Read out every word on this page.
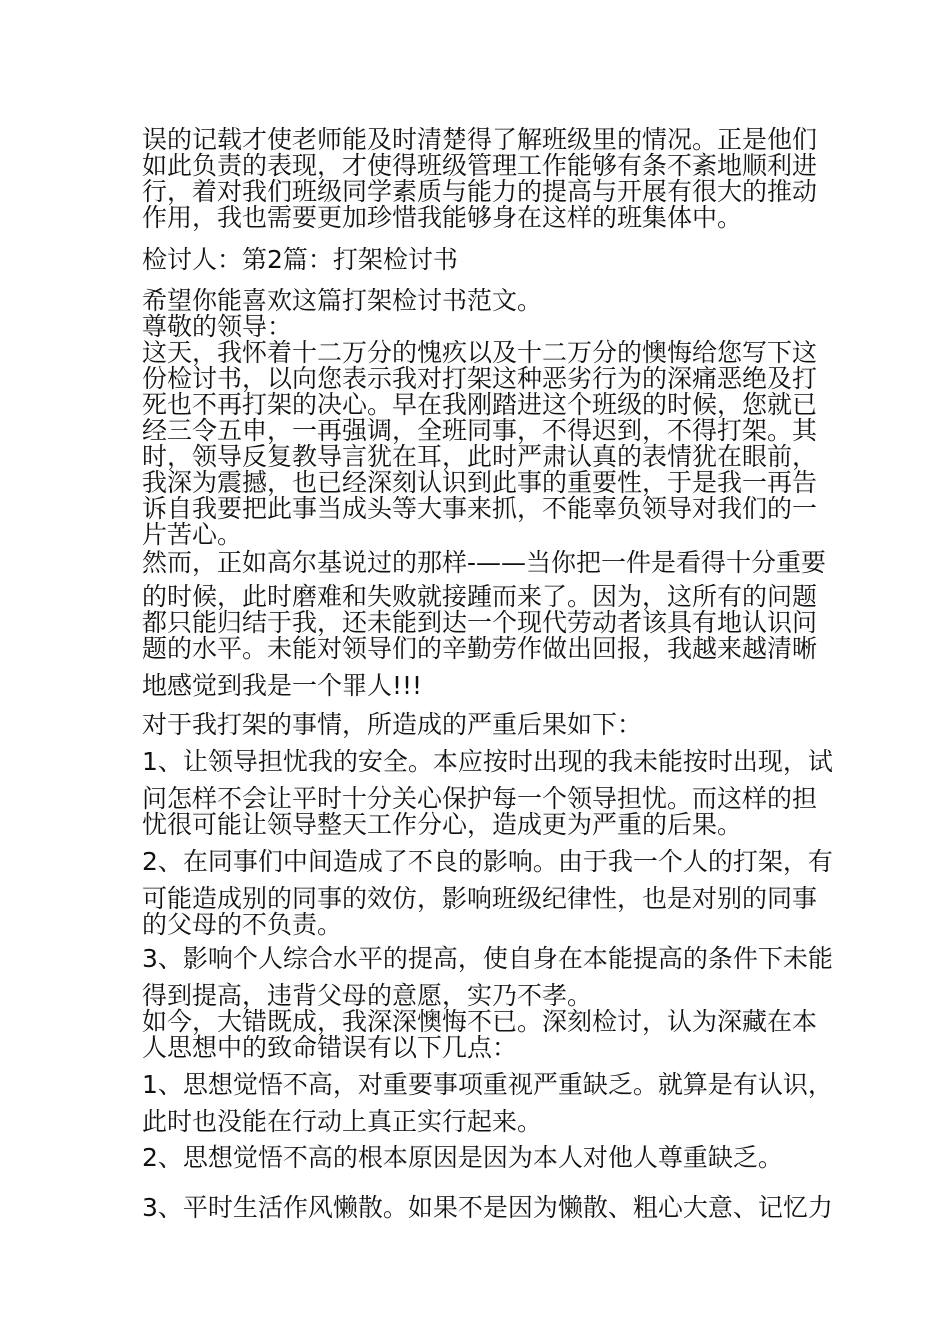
误的记载才使老师能及时清楚得了解班级里的情况。正是他们
如此负责的表现，才使得班级管理工作能够有条不紊地顺利进
行，着对我们班级同学素质与能力的提高与开展有很大的推动
作用，我也需要更加珍惜我能够身在这样的班集体中。
检讨人：第2篇：打架检讨书
希望你能喜欢这篇打架检讨书范文。
尊敬的领导：
这天，我怀着十二万分的愧疚以及十二万分的懊悔给您写下这
份检讨书，以向您表示我对打架这种恶劣行为的深痛恶绝及打
死也不再打架的决心。早在我刚踏进这个班级的时候，您就已
经三令五申，一再强调，全班同事，不得迟到，不得打架。其
时，领导反复教导言犹在耳，此时严肃认真的表情犹在眼前，
我深为震撼，也已经深刻认识到此事的重要性，于是我一再告
诉自我要把此事当成头等大事来抓，不能辜负领导对我们的一
片苦心。
然而，正如高尔基说过的那样-——当你把一件是看得十分重要
的时候，此时磨难和失败就接踵而来了。因为，这所有的问题
都只能归结于我，还未能到达一个现代劳动者该具有地认识问
题的水平。未能对领导们的辛勤劳作做出回报，我越来越清晰
地感觉到我是一个罪人!!!
对于我打架的事情，所造成的严重后果如下：
1、让领导担忧我的安全。本应按时出现的我未能按时出现，试
问怎样不会让平时十分关心保护每一个领导担忧。而这样的担
忧很可能让领导整天工作分心，造成更为严重的后果。
2、在同事们中间造成了不良的影响。由于我一个人的打架，有
可能造成别的同事的效仿，影响班级纪律性，也是对别的同事
的父母的不负责。
3、影响个人综合水平的提高，使自身在本能提高的条件下未能
得到提高，违背父母的意愿，实乃不孝。
如今，大错既成，我深深懊悔不已。深刻检讨，认为深藏在本
人思想中的致命错误有以下几点：
1、思想觉悟不高，对重要事项重视严重缺乏。就算是有认识，
此时也没能在行动上真正实行起来。
2、思想觉悟不高的根本原因是因为本人对他人尊重缺乏。
3、平时生活作风懒散。如果不是因为懒散、粗心大意、记忆力
